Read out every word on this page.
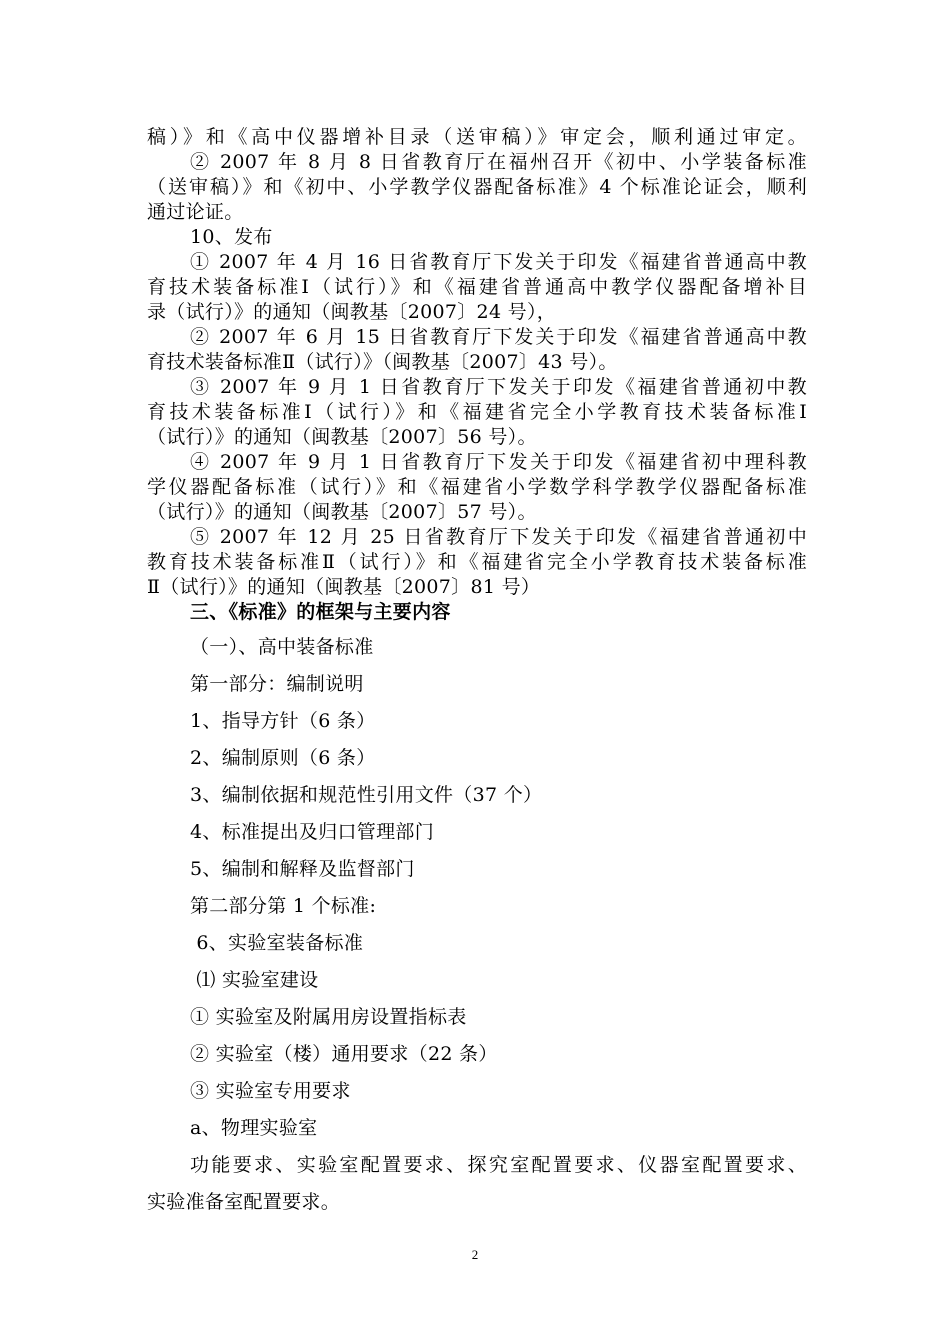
稿）》和《高中仪器增补目录（送审稿）》审定会，顺利通过审定。
② 2007 年 8 月 8 日省教育厅在福州召开《初中、小学装备标准
（送审稿）》和《初中、小学教学仪器配备标准》4 个标准论证会，顺利
通过论证。
10、发布
① 2007 年 4 月 16 日省教育厅下发关于印发《福建省普通高中教
育技术装备标准Ⅰ（试行）》和《福建省普通高中教学仪器配备增补目
录（试行）》的通知（闽教基〔2007〕24 号），
② 2007 年 6 月 15 日省教育厅下发关于印发《福建省普通高中教
育技术装备标准Ⅱ（试行）》（闽教基〔2007〕43 号）。
③ 2007 年 9 月 1 日省教育厅下发关于印发《福建省普通初中教
育技术装备标准Ⅰ（试行）》和《福建省完全小学教育技术装备标准Ⅰ
（试行）》的通知（闽教基〔2007〕56 号）。
④ 2007 年 9 月 1 日省教育厅下发关于印发《福建省初中理科教
学仪器配备标准（试行）》和《福建省小学数学科学教学仪器配备标准
（试行）》的通知（闽教基〔2007〕57 号）。
⑤ 2007 年 12 月 25 日省教育厅下发关于印发《福建省普通初中
教育技术装备标准Ⅱ（试行）》和《福建省完全小学教育技术装备标准
Ⅱ（试行）》的通知（闽教基〔2007〕81 号）
三、《标准》的框架与主要内容
（一）、高中装备标准
第一部分：编制说明
1、指导方针（6 条）
2、编制原则（6 条）
3、编制依据和规范性引用文件（37 个）
4、标准提出及归口管理部门
5、编制和解释及监督部门
第二部分第 1 个标准:
6、实验室装备标准
⑴ 实验室建设
① 实验室及附属用房设置指标表
② 实验室（楼）通用要求（22 条）
③ 实验室专用要求
a、物理实验室
功能要求、实验室配置要求、探究室配置要求、仪器室配置要求、
实验准备室配置要求。
2
